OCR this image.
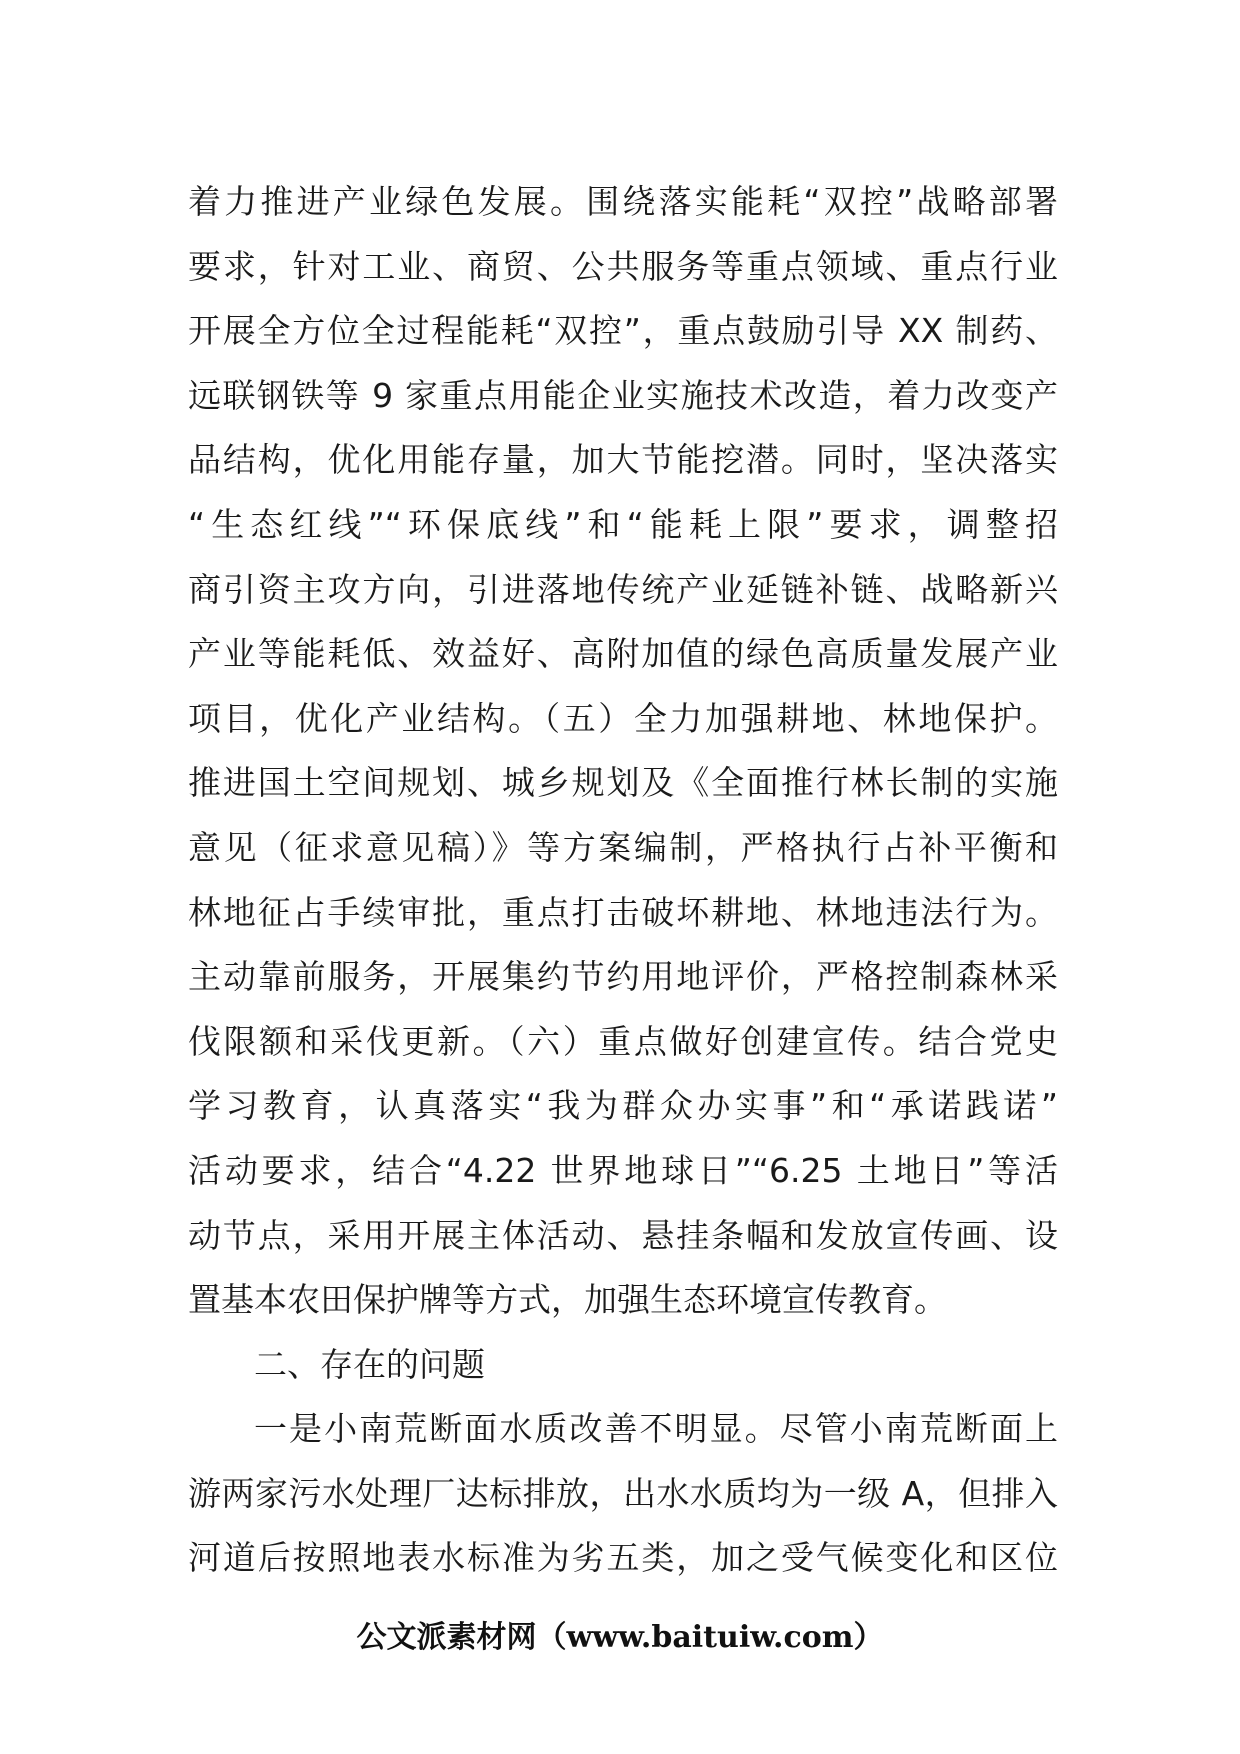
着力推进产业绿色发展。围绕落实能耗“双控”战略部署
要求，针对工业、商贸、公共服务等重点领域、重点行业
开展全方位全过程能耗“双控”，重点鼓励引导 XX 制药、
远联钢铁等 9 家重点用能企业实施技术改造，着力改变产
品结构，优化用能存量，加大节能挖潜。同时，坚决落实
“生态红线”“环保底线”和“能耗上限”要求，调整招
商引资主攻方向，引进落地传统产业延链补链、战略新兴
产业等能耗低、效益好、高附加值的绿色高质量发展产业
项目，优化产业结构。（五）全力加强耕地、林地保护。
推进国土空间规划、城乡规划及《全面推行林长制的实施
意见（征求意见稿）》等方案编制，严格执行占补平衡和
林地征占手续审批，重点打击破坏耕地、林地违法行为。
主动靠前服务，开展集约节约用地评价，严格控制森林采
伐限额和采伐更新。（六）重点做好创建宣传。结合党史
学习教育，认真落实“我为群众办实事”和“承诺践诺”
活动要求，结合“4.22 世界地球日”“6.25 土地日”等活
动节点，采用开展主体活动、悬挂条幅和发放宣传画、设
置基本农田保护牌等方式，加强生态环境宣传教育。
二、存在的问题
一是小南荒断面水质改善不明显。尽管小南荒断面上
游两家污水处理厂达标排放，出水水质均为一级 A，但排入
河道后按照地表水标准为劣五类，加之受气候变化和区位
公文派素材网（www.baituiw.com）
